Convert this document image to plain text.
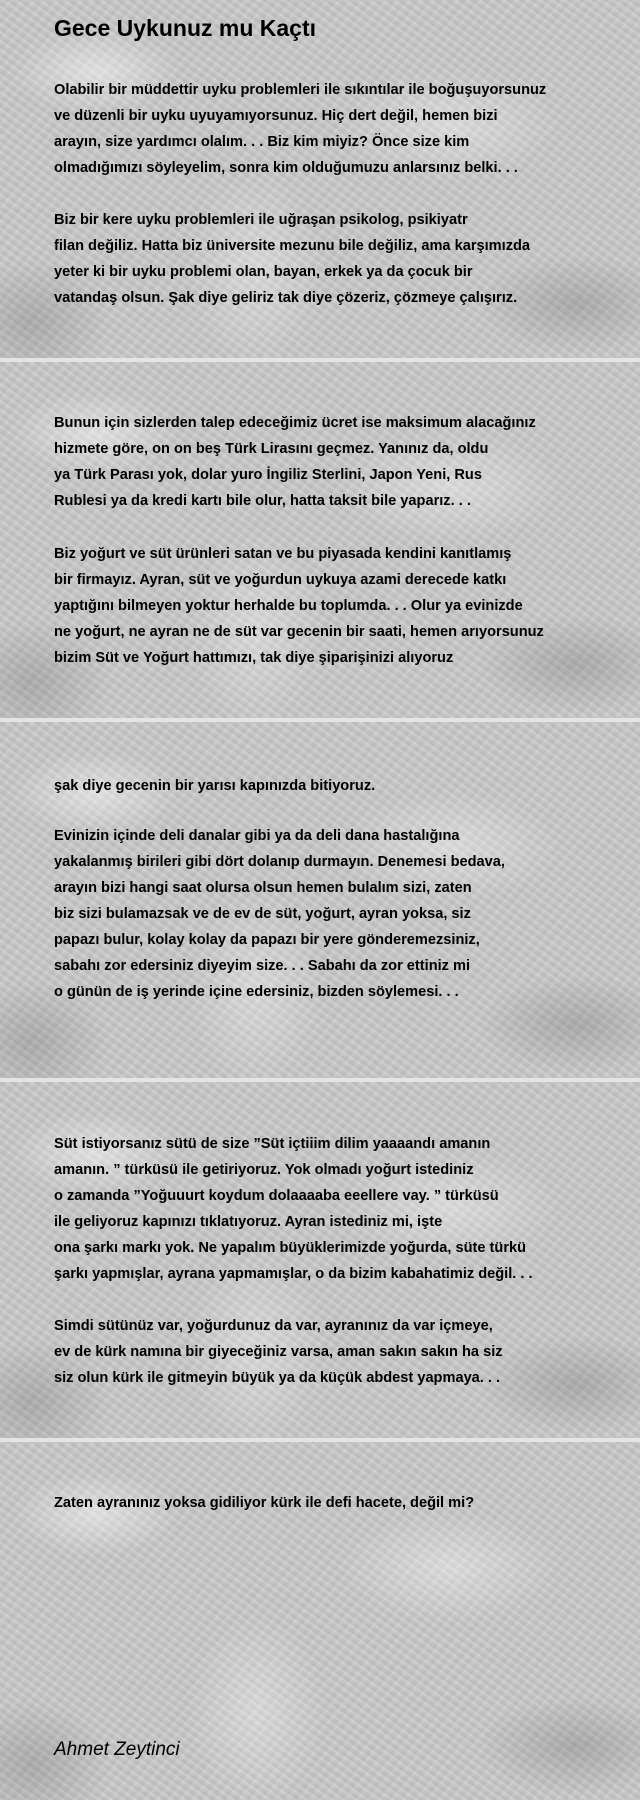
Gece Uykunuz mu Kaçtı
Olabilir bir müddettir uyku problemleri ile sıkıntılar ile boğuşuyorsunuz
ve düzenli bir uyku uyuyamıyorsunuz. Hiç dert değil, hemen bizi
arayın, size yardımcı olalım. . . Biz kim miyiz? Önce size kim
olmadığımızı söyleyelim, sonra kim olduğumuzu anlarsınız belki. . .
Biz bir kere uyku problemleri ile uğraşan psikolog, psikiyatr
filan değiliz. Hatta biz üniversite mezunu bile değiliz, ama karşımızda
yeter ki bir uyku problemi olan, bayan, erkek ya da çocuk bir
vatandaş olsun. Şak diye geliriz tak diye çözeriz, çözmeye çalışırız.
Bunun için sizlerden talep edeceğimiz ücret ise maksimum alacağınız
hizmete göre, on on beş Türk Lirasını geçmez. Yanınız da, oldu
ya Türk Parası yok, dolar yuro İngiliz Sterlini, Japon Yeni, Rus
Rublesi ya da kredi kartı bile olur, hatta taksit bile yaparız. . .
Biz yoğurt ve süt ürünleri satan ve bu piyasada kendini kanıtlamış
bir firmayız. Ayran, süt ve yoğurdun uykuya azami derecede katkı
yaptığını bilmeyen yoktur herhalde bu toplumda. . . Olur ya evinizde
ne yoğurt, ne ayran ne de süt var gecenin bir saati, hemen arıyorsunuz
bizim Süt ve Yoğurt hattımızı, tak diye şiparişinizi alıyoruz
şak diye gecenin bir yarısı kapınızda bitiyoruz.
Evinizin içinde deli danalar gibi ya da deli dana hastalığına
yakalanmış birileri gibi dört dolanıp durmayın. Denemesi bedava,
arayın bizi hangi saat olursa olsun hemen bulalım sizi, zaten
biz sizi bulamazsak ve de ev de süt, yoğurt, ayran yoksa, siz
papazı bulur, kolay kolay da papazı bir yere gönderemezsiniz,
sabahı zor edersiniz diyeyim size. . . Sabahı da zor ettiniz mi
o günün de iş yerinde içine edersiniz, bizden söylemesi. . .
Süt istiyorsanız sütü de size ”Süt içtiiim dilim yaaaandı amanın
amanın. ” türküsü ile getiriyoruz. Yok olmadı yoğurt istediniz
o zamanda ”Yoğuuurt koydum dolaaaaba eeellere vay. ” türküsü
ile geliyoruz kapınızı tıklatıyoruz. Ayran istediniz mi, işte
ona şarkı markı yok. Ne yapalım büyüklerimizde yoğurda, süte türkü
şarkı yapmışlar, ayrana yapmamışlar, o da bizim kabahatimiz değil. . .
Simdi sütünüz var, yoğurdunuz da var, ayranınız da var içmeye,
ev de kürk namına bir giyeceğiniz varsa, aman sakın sakın ha siz
siz olun kürk ile gitmeyin büyük ya da küçük abdest yapmaya. . .
Zaten ayranınız yoksa gidiliyor kürk ile defi hacete, değil mi?
Ahmet Zeytinci
